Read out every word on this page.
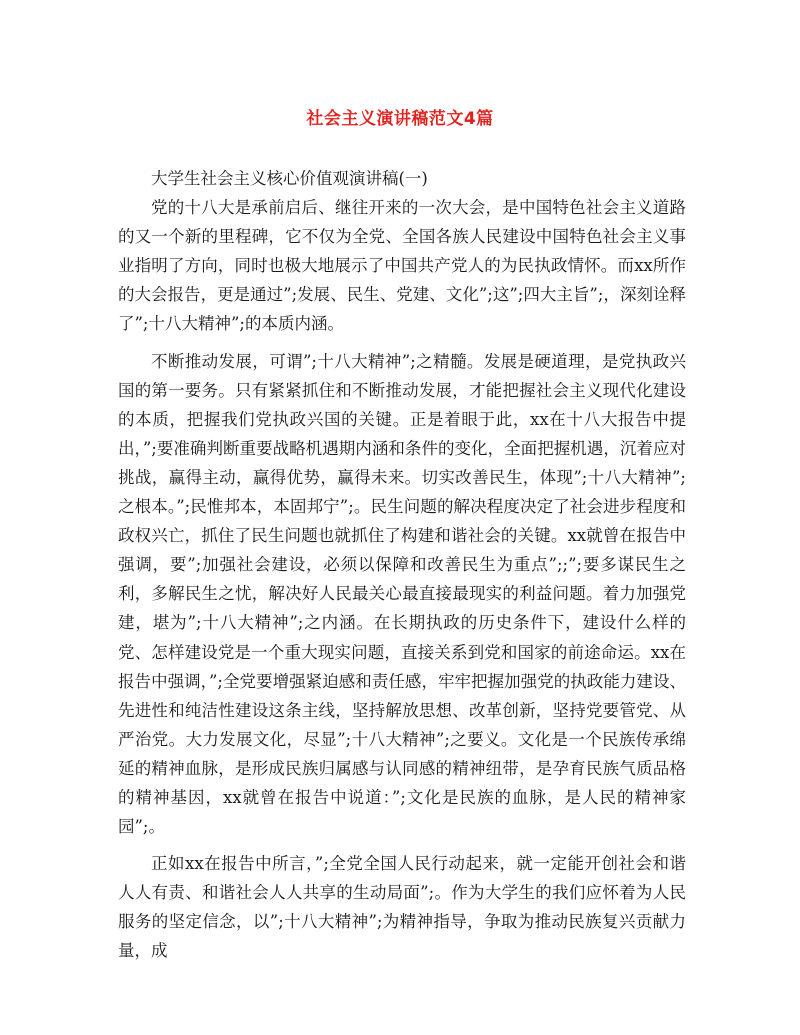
社会主义演讲稿范文4篇

大学生社会主义核心价值观演讲稿(一)

党的十八大是承前启后、继往开来的一次大会，是中国特色社会主义道路的又一个新的里程碑，它不仅为全党、全国各族人民建设中国特色社会主义事业指明了方向，同时也极大地展示了中国共产党人的为民执政情怀。而xx所作的大会报告，更是通过”;发展、民生、党建、文化”;这”;四大主旨”;，深刻诠释了”;十八大精神”;的本质内涵。

不断推动发展，可谓”;十八大精神”;之精髓。发展是硬道理，是党执政兴国的第一要务。只有紧紧抓住和不断推动发展，才能把握社会主义现代化建设的本质，把握我们党执政兴国的关键。正是着眼于此，xx在十八大报告中提出，”;要准确判断重要战略机遇期内涵和条件的变化，全面把握机遇，沉着应对挑战，赢得主动，赢得优势，赢得未来。切实改善民生，体现”;十八大精神”;之根本。”;民惟邦本，本固邦宁”;。民生问题的解决程度决定了社会进步程度和政权兴亡，抓住了民生问题也就抓住了构建和谐社会的关键。xx就曾在报告中强调，要”;加强社会建设，必须以保障和改善民生为重点”;;”;要多谋民生之利，多解民生之忧，解决好人民最关心最直接最现实的利益问题。着力加强党建，堪为”;十八大精神”;之内涵。在长期执政的历史条件下，建设什么样的党、怎样建设党是一个重大现实问题，直接关系到党和国家的前途命运。xx在报告中强调，”;全党要增强紧迫感和责任感，牢牢把握加强党的执政能力建设、先进性和纯洁性建设这条主线，坚持解放思想、改革创新，坚持党要管党、从严治党。大力发展文化，尽显”;十八大精神”;之要义。文化是一个民族传承绵延的精神血脉，是形成民族归属感与认同感的精神纽带，是孕育民族气质品格的精神基因，xx就曾在报告中说道：”;文化是民族的血脉，是人民的精神家园”;。

正如xx在报告中所言，”;全党全国人民行动起来，就一定能开创社会和谐人人有责、和谐社会人人共享的生动局面”;。作为大学生的我们应怀着为人民服务的坚定信念，以”;十八大精神”;为精神指导，争取为推动民族复兴贡献力量，成
